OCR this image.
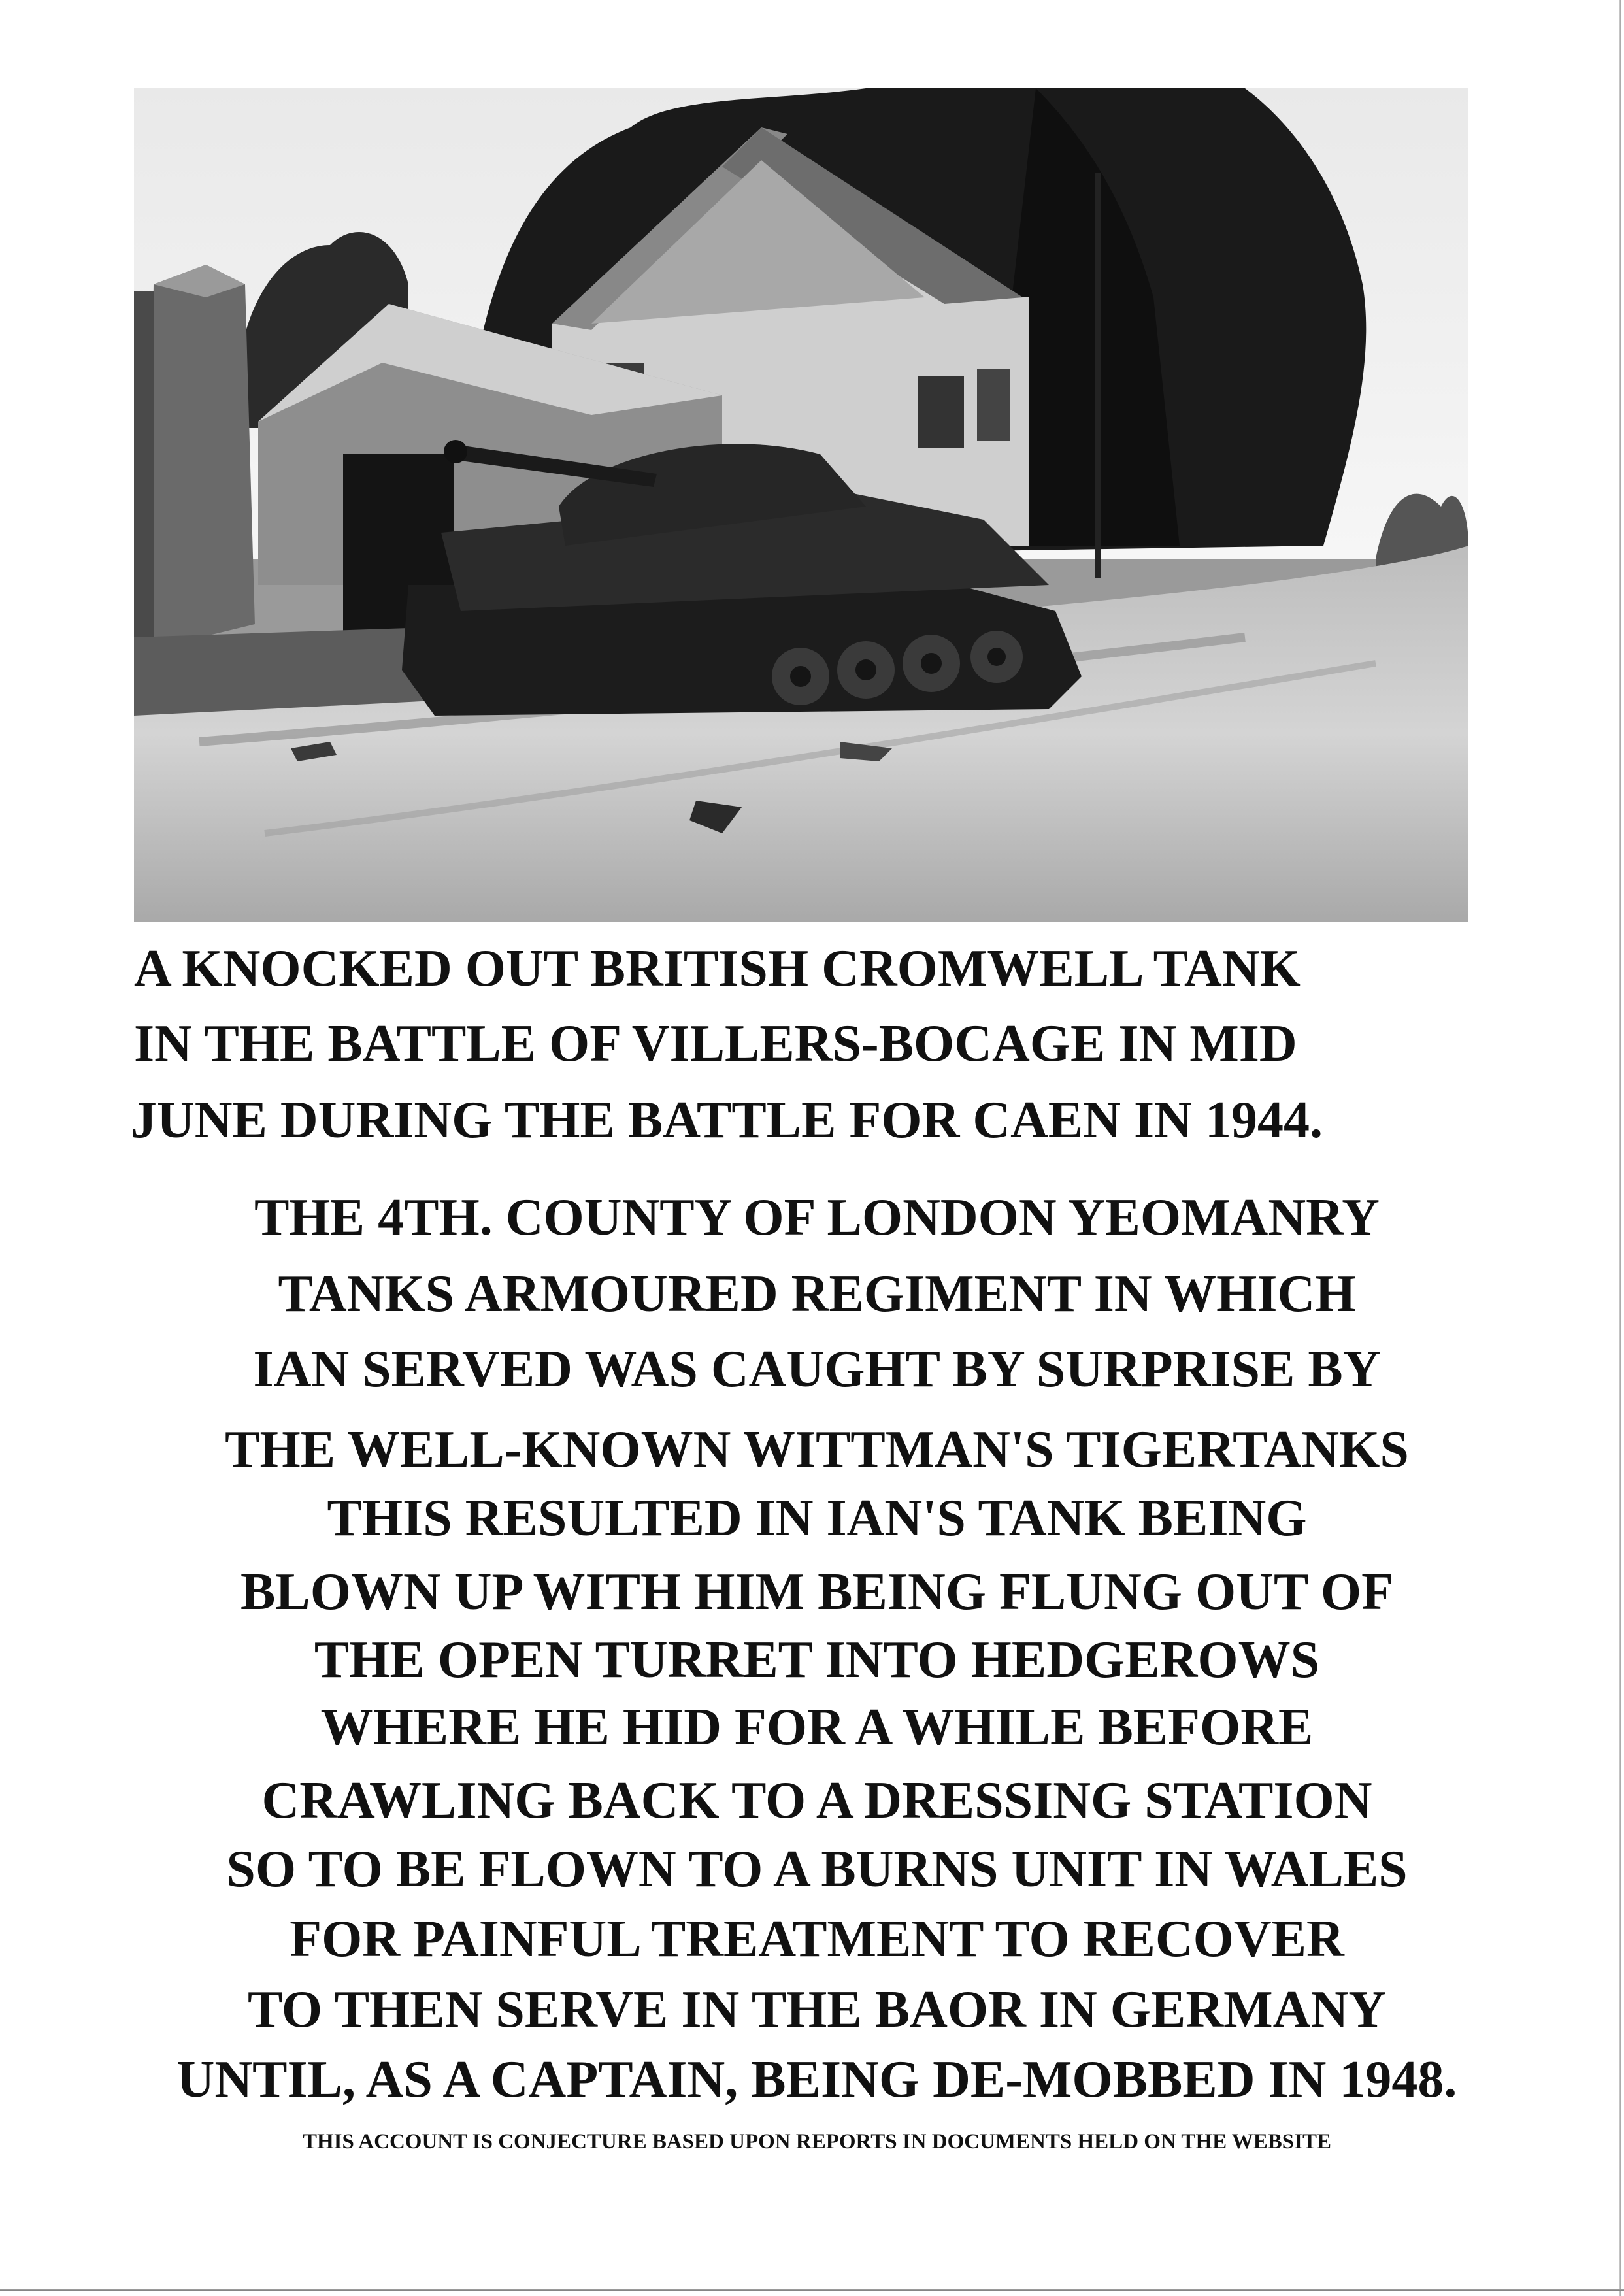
A KNOCKED OUT BRITISH CROMWELL TANK
IN THE BATTLE OF VILLERS-BOCAGE IN MID
JUNE DURING THE BATTLE FOR CAEN IN 1944.
THE 4TH. COUNTY OF LONDON YEOMANRY
TANKS ARMOURED REGIMENT IN WHICH
IAN SERVED WAS CAUGHT BY SURPRISE BY
THE WELL-KNOWN WITTMAN'S TIGERTANKS
THIS RESULTED IN IAN'S TANK BEING
BLOWN UP WITH HIM BEING FLUNG OUT OF
THE OPEN TURRET INTO HEDGEROWS
WHERE HE HID FOR A WHILE BEFORE
CRAWLING BACK TO A DRESSING STATION
SO TO BE FLOWN TO A BURNS UNIT IN WALES
FOR PAINFUL TREATMENT TO RECOVER
TO THEN SERVE IN THE BAOR IN GERMANY
UNTIL, AS A CAPTAIN, BEING DE-MOBBED IN 1948.
THIS ACCOUNT IS CONJECTURE BASED UPON REPORTS IN DOCUMENTS HELD ON THE WEBSITE
